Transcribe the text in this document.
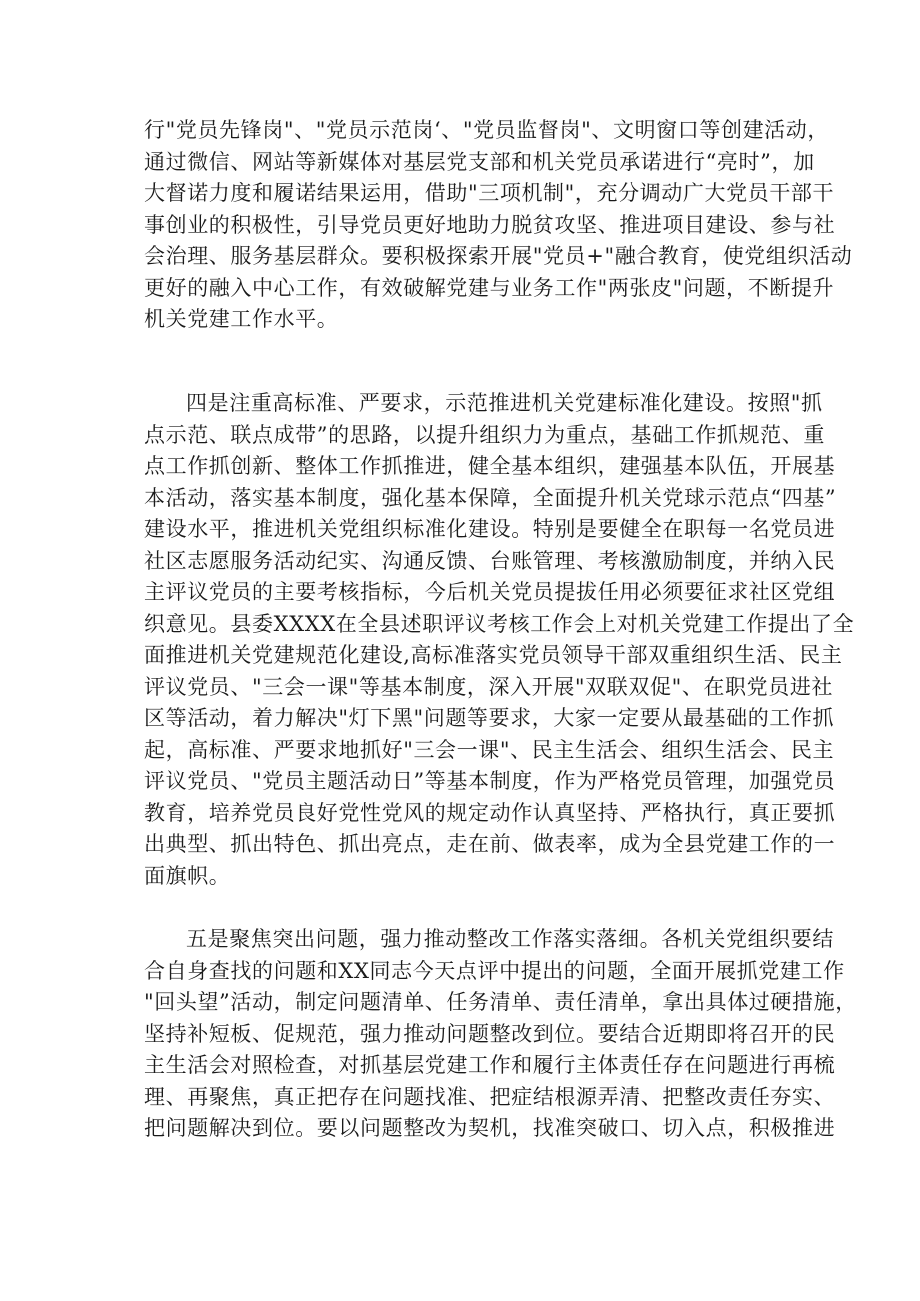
行"党员先锋岗"、"党员示范岗‘、"党员监督岗"、文明窗口等创建活动，
通过微信、网站等新媒体对基层党支部和机关党员承诺进行“亮时”，加
大督诺力度和履诺结果运用，借助"三项机制"，充分调动广大党员干部干
事创业的积极性，引导党员更好地助力脱贫攻坚、推进项目建设、参与社
会治理、服务基层群众。要积极探索开展"党员+"融合教育，使党组织活动
更好的融入中心工作，有效破解党建与业务工作"两张皮"问题，不断提升
机关党建工作水平。
四是注重高标准、严要求，示范推进机关党建标准化建设。按照"抓
点示范、联点成带”的思路，以提升组织力为重点，基础工作抓规范、重
点工作抓创新、整体工作抓推进，健全基本组织，建强基本队伍，开展基
本活动，落实基本制度，强化基本保障，全面提升机关党球示范点“四基”
建设水平，推进机关党组织标准化建设。特别是要健全在职每一名党员进
社区志愿服务活动纪实、沟通反馈、台账管理、考核激励制度，并纳入民
主评议党员的主要考核指标，今后机关党员提拔任用必须要征求社区党组
织意见。县委XXXX在全县述职评议考核工作会上对机关党建工作提出了全
面推进机关党建规范化建设,高标准落实党员领导干部双重组织生活、民主
评议党员、"三会一课"等基本制度，深入开展"双联双促"、在职党员进社
区等活动，着力解决"灯下黑"问题等要求，大家一定要从最基础的工作抓
起，高标准、严要求地抓好"三会一课"、民主生活会、组织生活会、民主
评议党员、"党员主题活动日”等基本制度，作为严格党员管理，加强党员
教育，培养党员良好党性党风的规定动作认真坚持、严格执行，真正要抓
出典型、抓出特色、抓出亮点，走在前、做表率，成为全县党建工作的一
面旗帜。
五是聚焦突出问题，强力推动整改工作落实落细。各机关党组织要结
合自身查找的问题和XX同志今天点评中提出的问题，全面开展抓党建工作
"回头望”活动，制定问题清单、任务清单、责任清单，拿出具体过硬措施，
坚持补短板、促规范，强力推动问题整改到位。要结合近期即将召开的民
主生活会对照检查，对抓基层党建工作和履行主体责任存在问题进行再梳
理、再聚焦，真正把存在问题找准、把症结根源弄清、把整改责任夯实、
把问题解决到位。要以问题整改为契机，找准突破口、切入点，积极推进
